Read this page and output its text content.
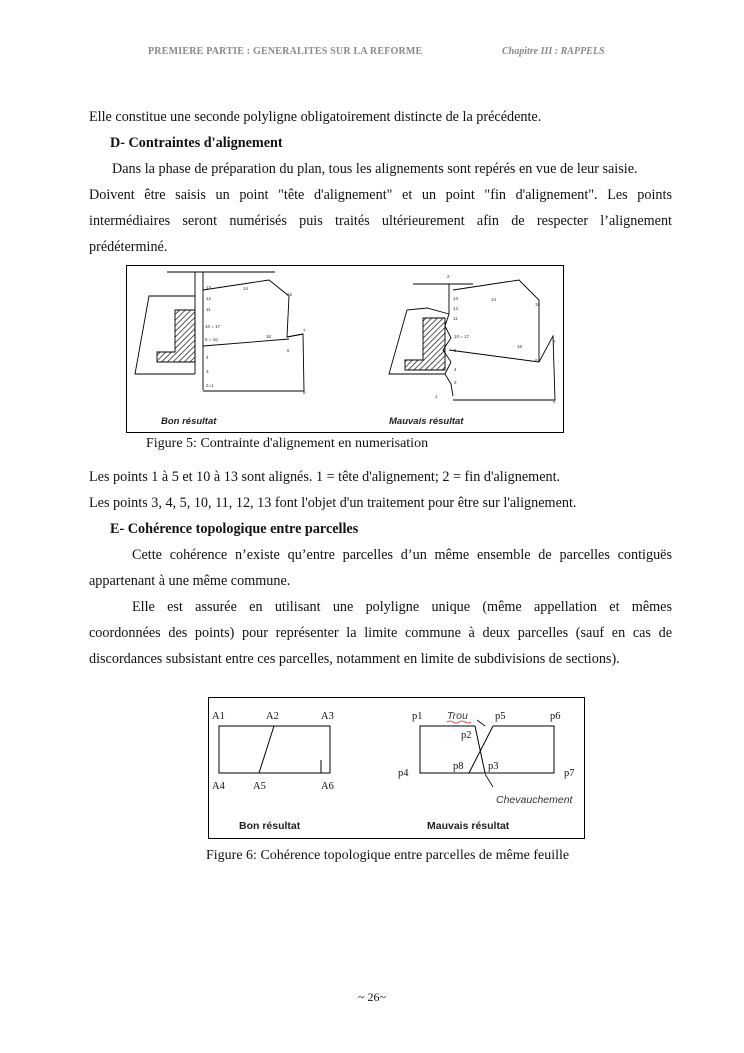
PREMIERE PARTIE : GENERALITES SUR LA REFORME	Chapitre III : RAPPELS

Elle constitue une seconde polyligne obligatoirement distincte de la précédente.

D- Contraintes d'alignement

Dans la phase de préparation du plan, tous les alignements sont repérés en vue de leur saisie.

Doivent être saisis un point "tête d'alignement" et un point "fin d'alignement". Les points

intermédiaires seront numérisés puis traités ultérieurement afin de respecter l’alignement

prédéterminé.

13	14
12
11
15
10 = 17
5 = 10
16
7
6
4
3
2=1
8
Bon résultat
2
13	14
12
11
10 = 17
15
7
6
16
5
4
3
1
8
Mauvais résultat
Figure 5: Contrainte d'alignement en numerisation

Les points 1 à 5 et 10 à 13 sont alignés. 1 = tête d'alignement; 2 = fin d'alignement.

Les points 3, 4, 5, 10, 11, 12, 13 font l'objet d'un traitement pour être sur l'alignement.

E- Cohérence topologique entre parcelles

Cette cohérence n’existe qu’entre parcelles d’un même ensemble de parcelles contiguës

appartenant à une même commune.

Elle est assurée en utilisant une polyligne unique (même appellation et mêmes

coordonnées des points) pour représenter la limite commune à deux parcelles (sauf en cas de

discordances subsistant entre ces parcelles, notamment en limite de subdivisions de sections).

A1	A2	A3
A4	A5	A6
Bon résultat
p1 Trou	p5	p6
p2
p8 p3
p4	p7
Chevauchement
Mauvais résultat
Figure 6: Cohérence topologique entre parcelles de même feuille
~ 26~
